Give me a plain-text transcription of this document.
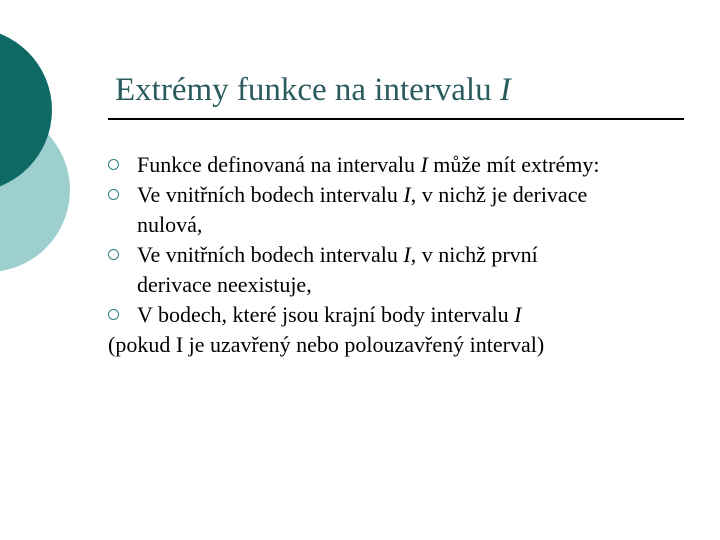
Extrémy funkce na intervalu I
Funkce definovaná na intervalu I může mít extrémy:
Ve vnitřních bodech intervalu I, v nichž je derivace
nulová,
Ve vnitřních bodech intervalu I, v nichž první
derivace neexistuje,
V bodech, které jsou krajní body intervalu I
(pokud I je uzavřený nebo polouzavřený interval)
